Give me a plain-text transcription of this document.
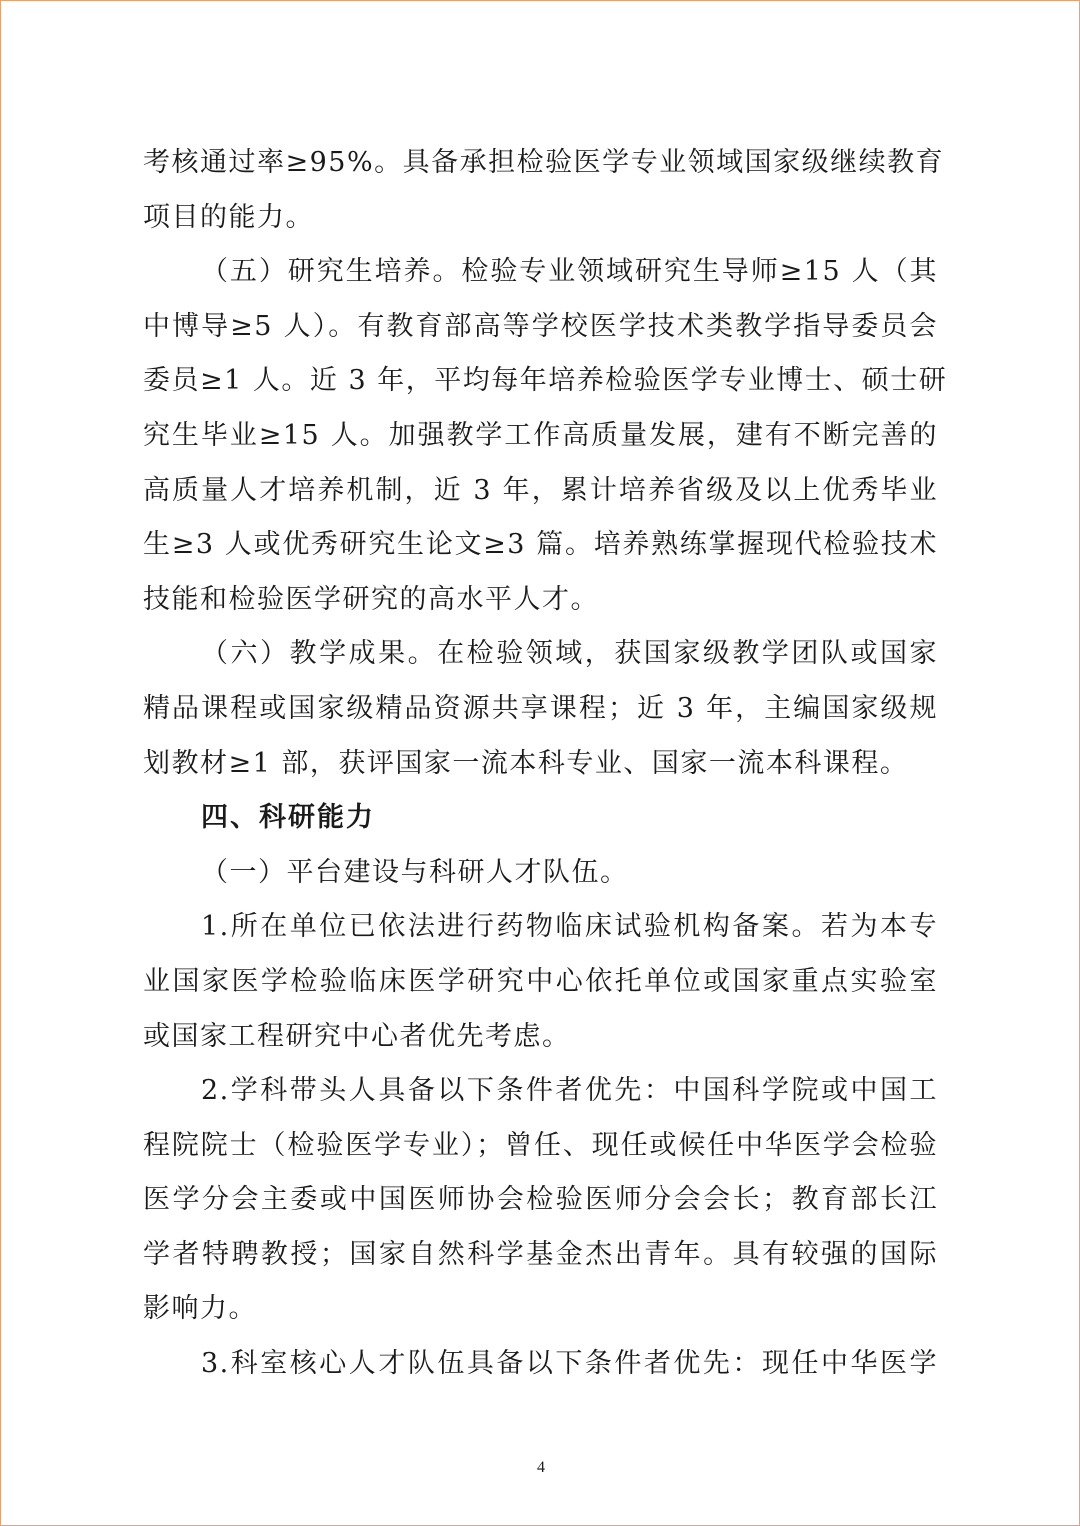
考核通过率≥95%。具备承担检验医学专业领域国家级继续教育
项目的能力。
（五）研究生培养。检验专业领域研究生导师≥15 人（其
中博导≥5 人）。有教育部高等学校医学技术类教学指导委员会
委员≥1 人。近 3 年，平均每年培养检验医学专业博士、硕士研
究生毕业≥15 人。加强教学工作高质量发展，建有不断完善的
高质量人才培养机制，近 3 年，累计培养省级及以上优秀毕业
生≥3 人或优秀研究生论文≥3 篇。培养熟练掌握现代检验技术
技能和检验医学研究的高水平人才。
（六）教学成果。在检验领域，获国家级教学团队或国家
精品课程或国家级精品资源共享课程；近 3 年，主编国家级规
划教材≥1 部，获评国家一流本科专业、国家一流本科课程。
四、科研能力
（一）平台建设与科研人才队伍。
1.所在单位已依法进行药物临床试验机构备案。若为本专
业国家医学检验临床医学研究中心依托单位或国家重点实验室
或国家工程研究中心者优先考虑。
2.学科带头人具备以下条件者优先：中国科学院或中国工
程院院士（检验医学专业）；曾任、现任或候任中华医学会检验
医学分会主委或中国医师协会检验医师分会会长；教育部长江
学者特聘教授；国家自然科学基金杰出青年。具有较强的国际
影响力。
3.科室核心人才队伍具备以下条件者优先：现任中华医学
4
